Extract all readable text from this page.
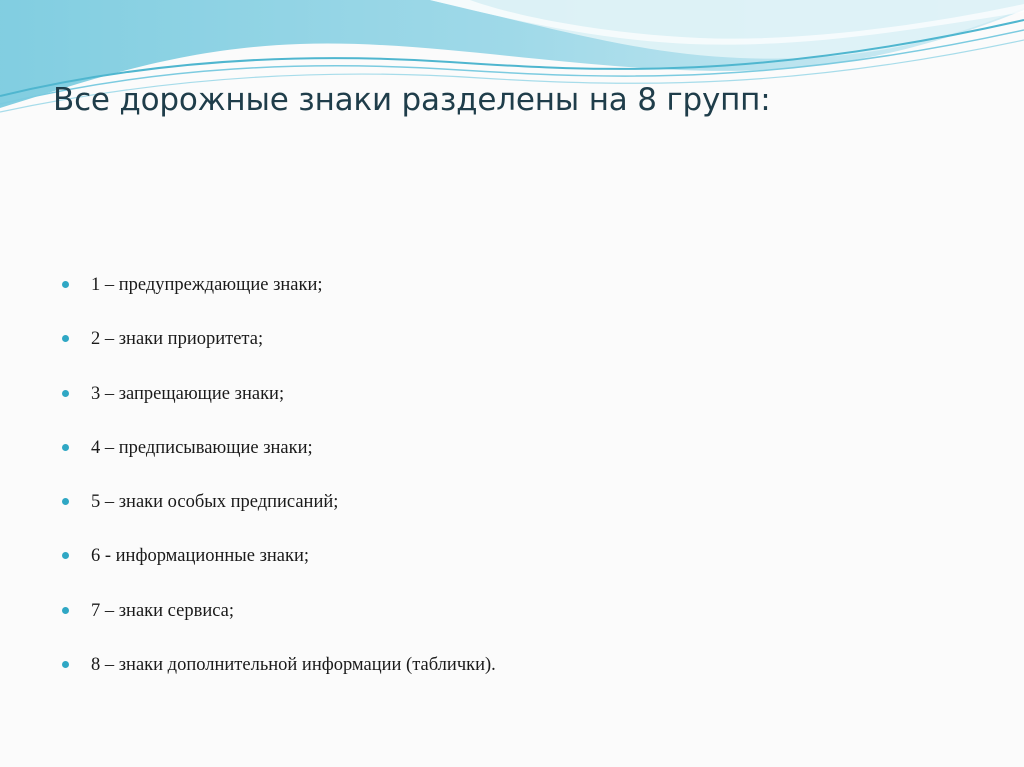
Все дорожные знаки разделены на 8 групп:
1 – предупреждающие знаки;
2 – знаки приоритета;
3 – запрещающие знаки;
4 – предписывающие знаки;
5 – знаки особых предписаний;
6 - информационные знаки;
7 – знаки сервиса;
8 – знаки дополнительной информации (таблички).
